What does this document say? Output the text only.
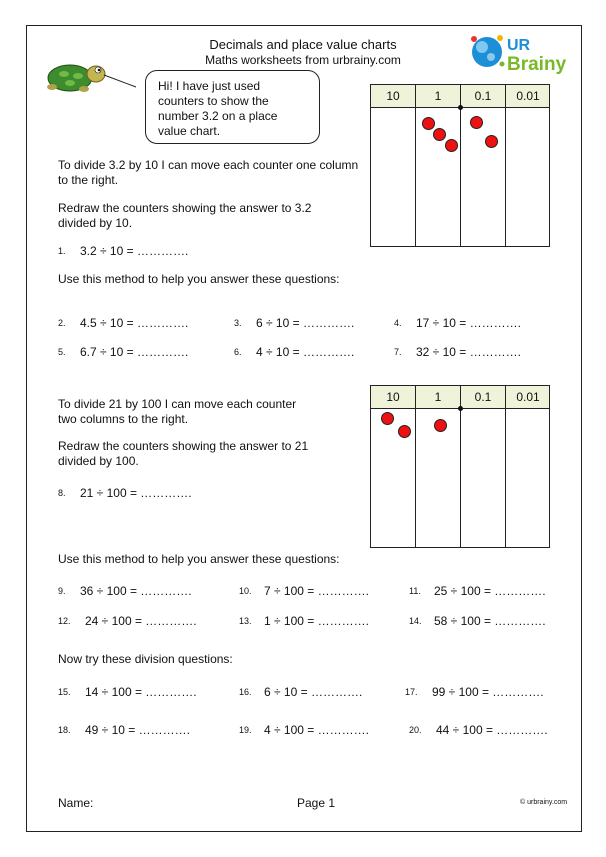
Decimals and place value charts
Maths worksheets from urbrainy.com
UR
Brainy
Hi! I have just used counters to show the number 3.2 on a place value chart.
To divide 3.2 by 10 I can move each counter one column to the right.
Redraw the counters showing the answer to 3.2 divided by 10.
1. 3.2 ÷ 10 = ………….
Use this method to help you answer these questions:
2. 4.5 ÷ 10 = ………….	3. 6 ÷ 10 = ………….	4. 17 ÷ 10 = ………….
5. 6.7 ÷ 10 = ………….	6. 4 ÷ 10 = ………….	7. 32 ÷ 10 = ………….
10	1	0.1	0.01
To divide 21 by 100 I can move each counter two columns to the right.
Redraw the counters showing the answer to 21 divided by 100.
8. 21 ÷ 100 = ………….
10	1	0.1	0.01
Use this method to help you answer these questions:
9. 36 ÷ 100 = ………….	10. 7 ÷ 100 = ………….	11. 25 ÷ 100 = ………….
12. 24 ÷ 100 = ………….	13. 1 ÷ 100 = ………….	14. 58 ÷ 100 = ………….
Now try these division questions:
15. 14 ÷ 100 = ………….	16. 6 ÷ 10 = ………….	17. 99 ÷ 100 = ………….
18. 49 ÷ 10 = ………….	19. 4 ÷ 100 = ………….	20. 44 ÷ 100 = ………….
Name:	Page 1	© urbrainy.com
